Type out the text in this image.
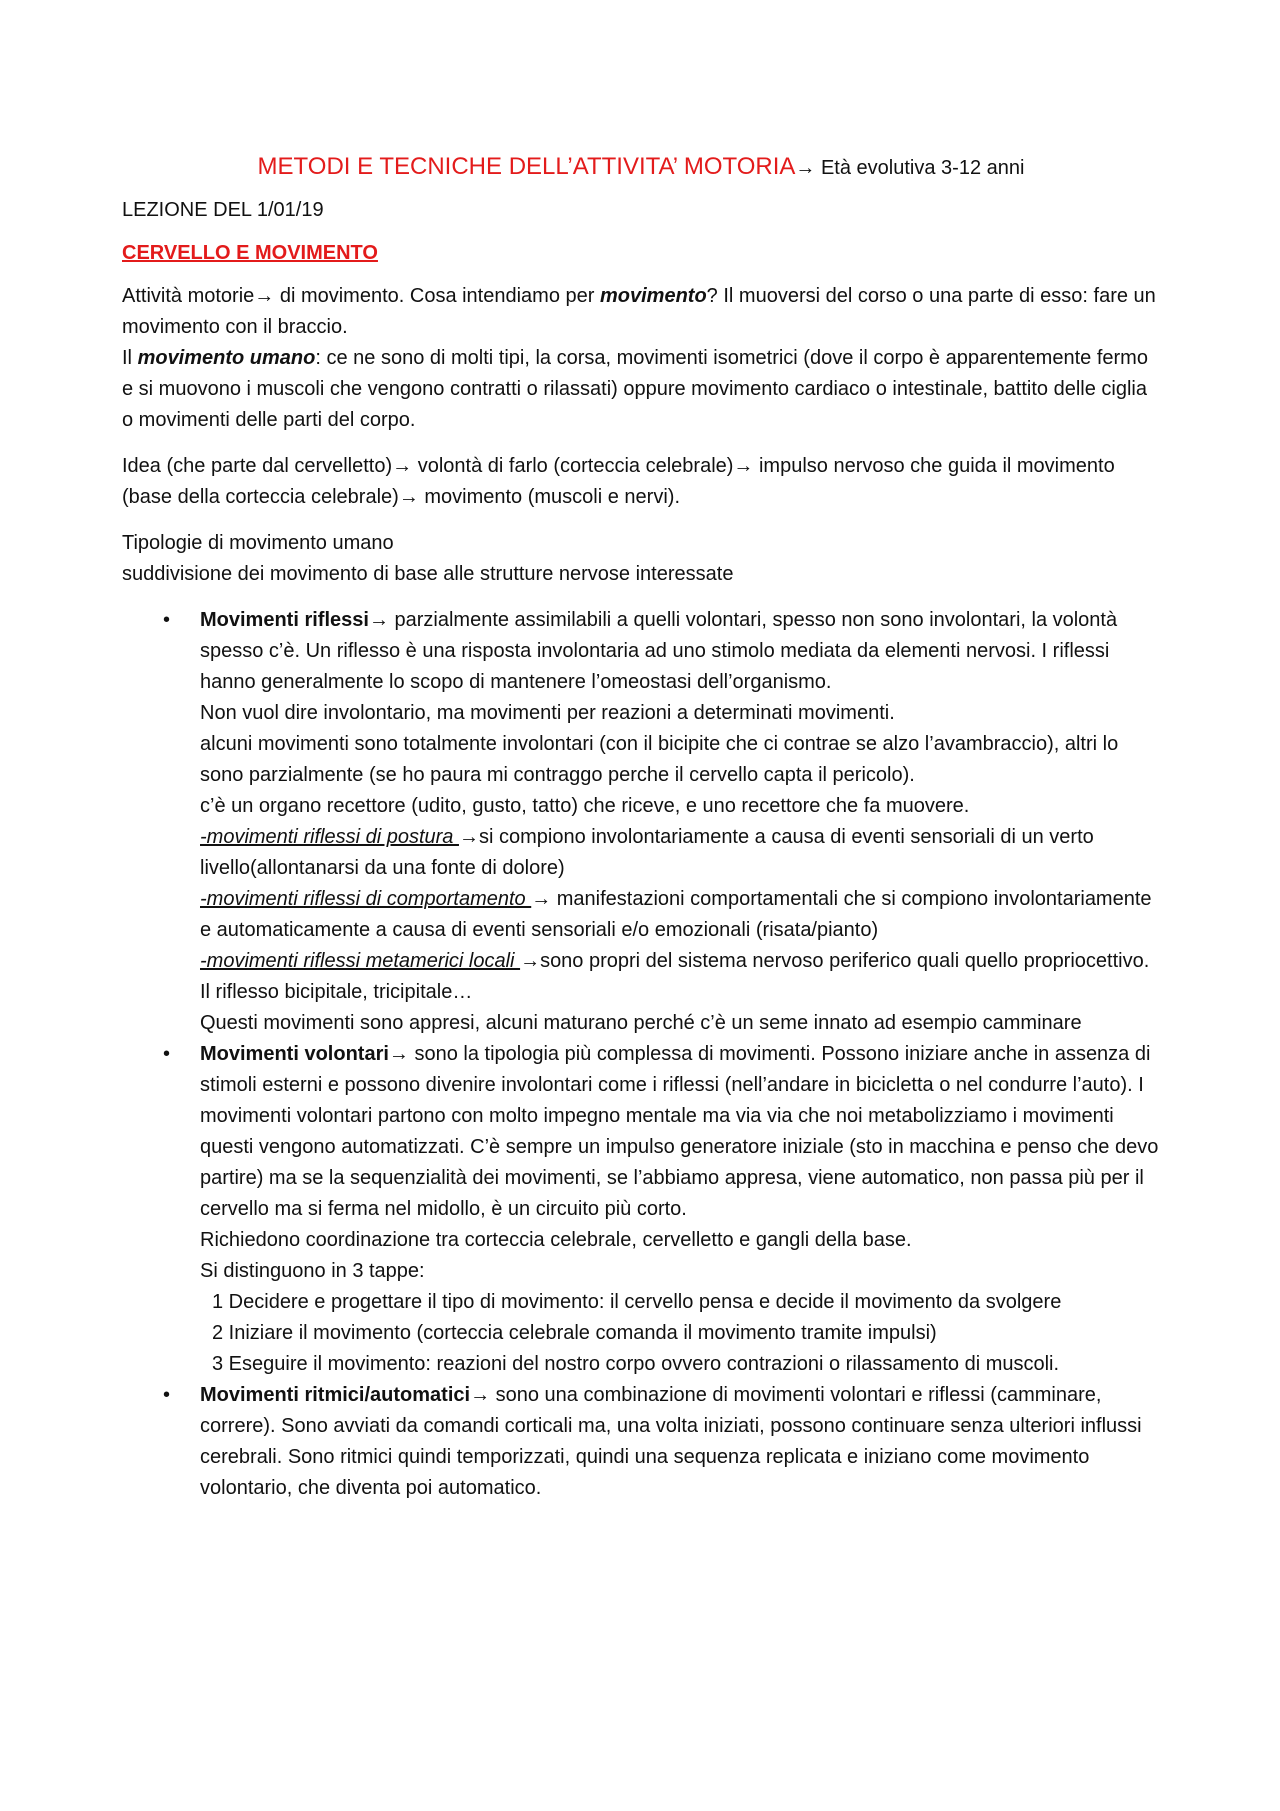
METODI E TECNICHE DELL’ATTIVITA’ MOTORIA→ Età evolutiva 3-12 anni

LEZIONE DEL 1/01/19

CERVELLO E MOVIMENTO

Attività motorie→ di movimento. Cosa intendiamo per movimento? Il muoversi del corso o una parte di esso: fare un movimento con il braccio.
Il movimento umano: ce ne sono di molti tipi, la corsa, movimenti isometrici (dove il corpo è apparentemente fermo e si muovono i muscoli che vengono contratti o rilassati) oppure movimento cardiaco o intestinale, battito delle ciglia o movimenti delle parti del corpo.

Idea (che parte dal cervelletto)→ volontà di farlo (corteccia celebrale)→ impulso nervoso che guida il movimento (base della corteccia celebrale)→ movimento (muscoli e nervi).

Tipologie di movimento umano
suddivisione dei movimento di base alle strutture nervose interessate

• Movimenti riflessi→ parzialmente assimilabili a quelli volontari, spesso non sono involontari, la volontà spesso c’è. Un riflesso è una risposta involontaria ad uno stimolo mediata da elementi nervosi. I riflessi hanno generalmente lo scopo di mantenere l’omeostasi dell’organismo.
Non vuol dire involontario, ma movimenti per reazioni a determinati movimenti.
alcuni movimenti sono totalmente involontari (con il bicipite che ci contrae se alzo l’avambraccio), altri lo sono parzialmente (se ho paura mi contraggo perche il cervello capta il pericolo).
c’è un organo recettore (udito, gusto, tatto) che riceve, e uno recettore che fa muovere.
-movimenti riflessi di postura →si compiono involontariamente a causa di eventi sensoriali di un verto livello(allontanarsi da una fonte di dolore)
-movimenti riflessi di comportamento → manifestazioni comportamentali che si compiono involontariamente e automaticamente a causa di eventi sensoriali e/o emozionali (risata/pianto)
-movimenti riflessi metamerici locali →sono propri del sistema nervoso periferico quali quello propriocettivo. Il riflesso bicipitale, tricipitale…
Questi movimenti sono appresi, alcuni maturano perché c’è un seme innato ad esempio camminare
• Movimenti volontari→ sono la tipologia più complessa di movimenti. Possono iniziare anche in assenza di stimoli esterni e possono divenire involontari come i riflessi (nell’andare in bicicletta o nel condurre l’auto). I movimenti volontari partono con molto impegno mentale ma via via che noi metabolizziamo i movimenti questi vengono automatizzati. C’è sempre un impulso generatore iniziale (sto in macchina e penso che devo partire) ma se la sequenzialità dei movimenti, se l’abbiamo appresa, viene automatico, non passa più per il cervello ma si ferma nel midollo, è un circuito più corto.
Richiedono coordinazione tra corteccia celebrale, cervelletto e gangli della base.
Si distinguono in 3 tappe:
1 Decidere e progettare il tipo di movimento: il cervello pensa e decide il movimento da svolgere
2 Iniziare il movimento (corteccia celebrale comanda il movimento tramite impulsi)
3 Eseguire il movimento: reazioni del nostro corpo ovvero contrazioni o rilassamento di muscoli.
• Movimenti ritmici/automatici→ sono una combinazione di movimenti volontari e riflessi (camminare, correre). Sono avviati da comandi corticali ma, una volta iniziati, possono continuare senza ulteriori influssi cerebrali. Sono ritmici quindi temporizzati, quindi una sequenza replicata e iniziano come movimento volontario, che diventa poi automatico.
